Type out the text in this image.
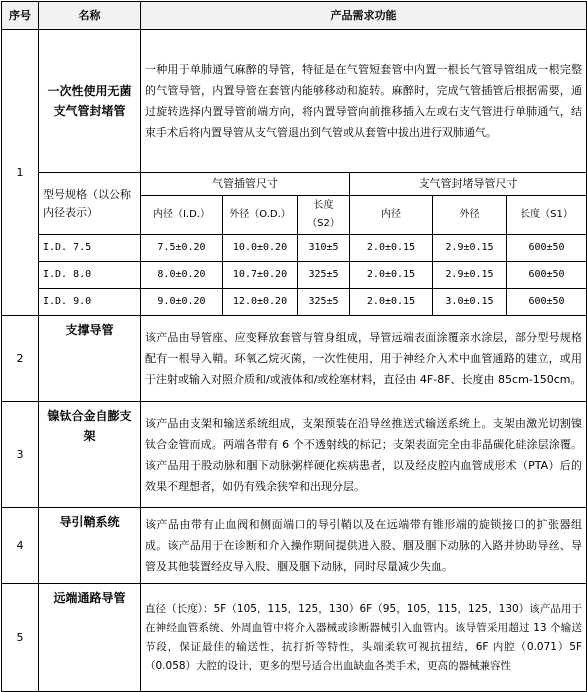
序号	名称	产品需求功能					
1	一次性使用无菌支气管封堵管	一种用于单肺通气麻醉的导管，特征是在气管短套管中内置一根长气管导管组成一根完整的气管导管，内置导管在套管内能够移动和旋转。麻醉时，完成气管插管后根据需要，通过旋转选择内置导管前端方向，将内置导管向前推移插入左或右支气管进行单肺通气，结束手术后将内置导管从支气管退出到气管或从套管中拔出进行双肺通气。					
	型号规格（以公称内径表示）	气管插管尺寸			支气管封堵导管尺寸		
		内径（I.D.）	外径（O.D.）	长度（S2）	内径	外径	长度（S1）
	I.D. 7.5	7.5±0.20	10.0±0.20	310±5	2.0±0.15	2.9±0.15	600±50
	I.D. 8.0	8.0±0.20	10.7±0.20	325±5	2.0±0.15	2.9±0.15	600±50
	I.D. 9.0	9.0±0.20	12.0±0.20	325±5	2.0±0.15	3.0±0.15	600±50
2	支撑导管	该产品由导管座、应变释放套管与管身组成，导管远端表面涂覆亲水涂层，部分型号规格配有一根导入鞘。环氧乙烷灭菌，一次性使用，用于神经介入术中血管通路的建立，或用于注射或输入对照介质和/或液体和/或栓塞材料，直径由 4F-8F、长度由 85cm-150cm。					
3	镍钛合金自膨支架	该产品由支架和输送系统组成，支架预装在沿导丝推送式输送系统上。支架由激光切割镍钛合金管而成。两端各带有 6 个不透射线的标记；支架表面完全由非晶碳化硅涂层涂覆。该产品用于股动脉和腘下动脉粥样硬化疾病患者，以及经皮腔内血管成形术（PTA）后的效果不理想者，如仍有残余狭窄和出现分层。					
4	导引鞘系统	该产品由带有止血阀和侧面端口的导引鞘以及在远端带有锥形端的旋锁接口的扩张器组成。该产品用于在诊断和介入操作期间提供进入股、腘及腘下动脉的入路并协助导丝、导管及其他装置经皮导入股、腘及腘下动脉，同时尽量减少失血。					
5	远端通路导管	直径（长度）：5F（105，115，125，130）6F（95，105，115，125，130）该产品用于在神经血管系统、外周血管中将介入器械或诊断器械引入血管内。该导管采用超过 13 个输送节段，保证最佳的输送性，抗打折等特性，头端柔软可视抗扭结，6F 内腔（0.071）5F（0.058）大腔的设计，更多的型号适合出血缺血各类手术，更高的器械兼容性					
